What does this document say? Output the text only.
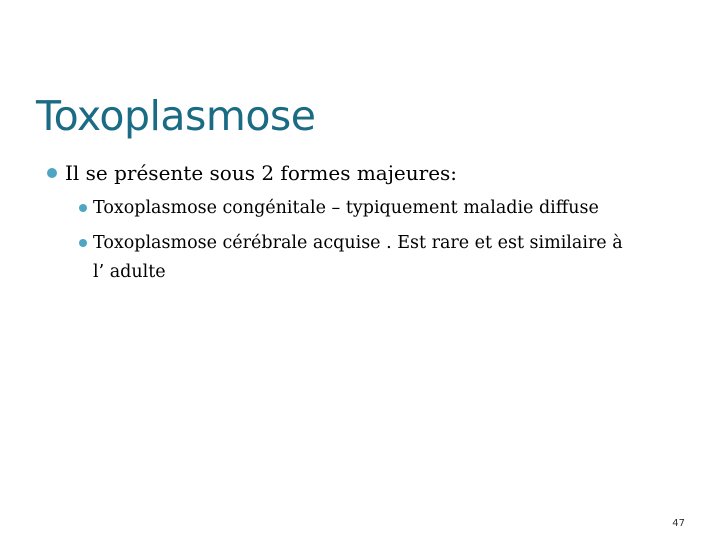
Toxoplasmose
Il se présente sous 2 formes majeures:
Toxoplasmose congénitale – typiquement maladie diffuse
Toxoplasmose cérébrale acquise . Est rare et est similaire à l’ adulte
47
